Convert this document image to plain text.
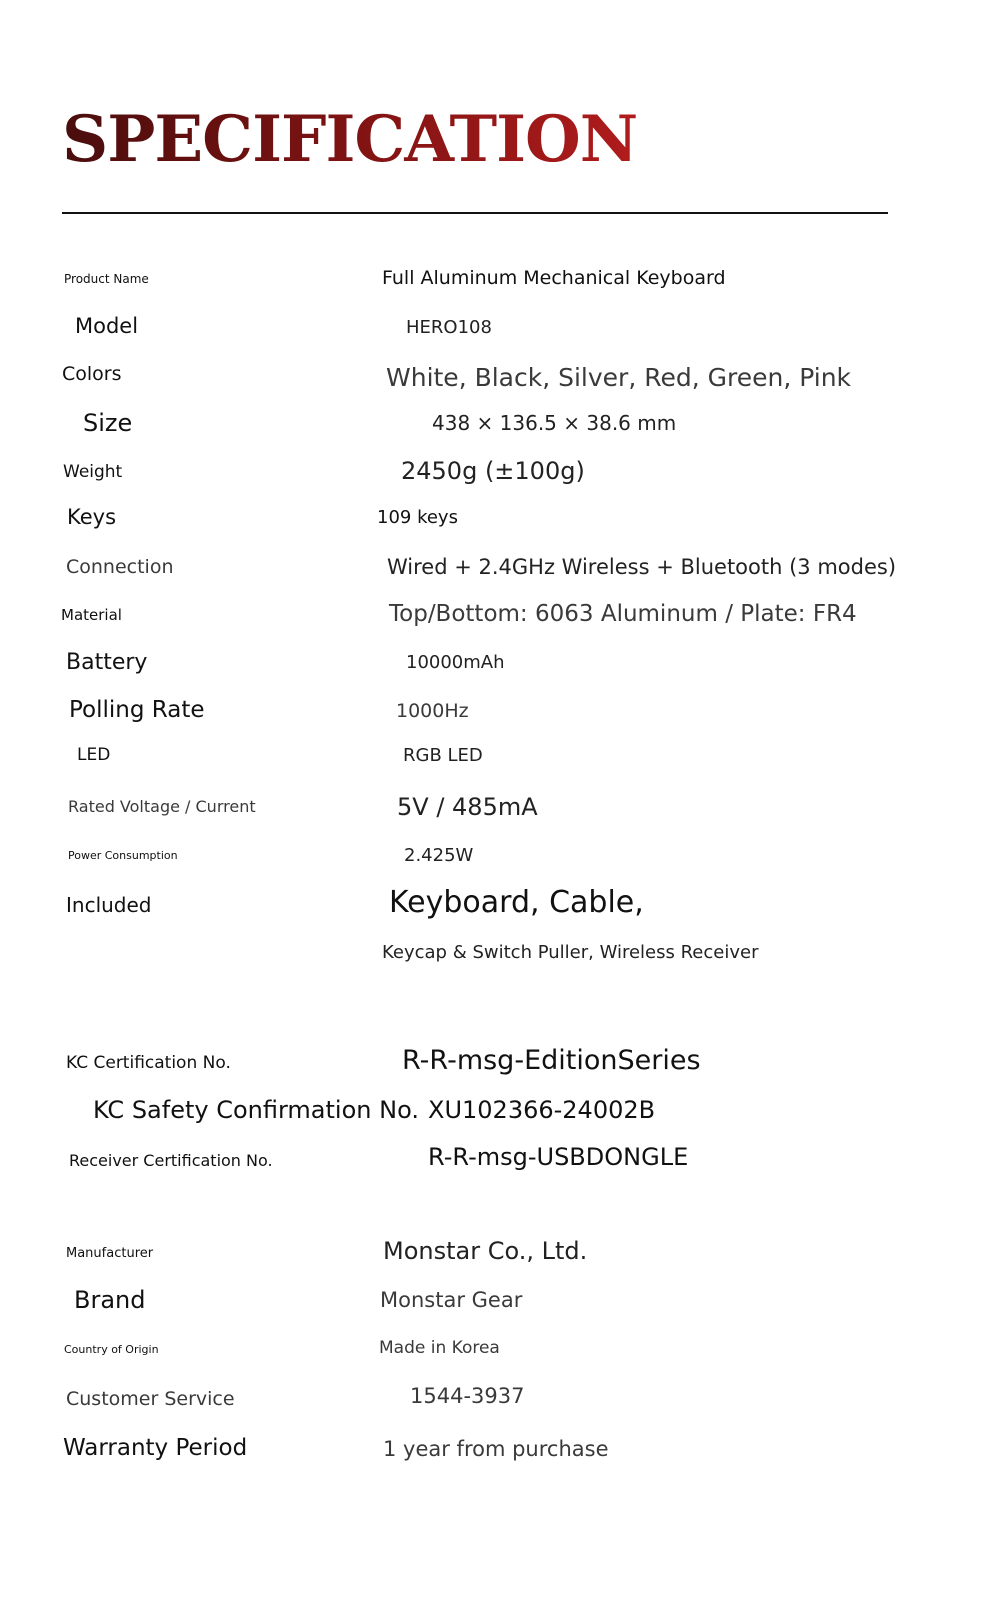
SPECIFICATION
Product Name	Full Aluminum Mechanical Keyboard
Model	HERO108
Colors	White, Black, Silver, Red, Green, Pink
Size	438 × 136.5 × 38.6 mm
Weight	2450g (±100g)
Keys	109 keys
Connection	Wired + 2.4GHz Wireless + Bluetooth (3 modes)
Material	Top/Bottom: 6063 Aluminum / Plate: FR4
Battery	10000mAh
Polling Rate	1000Hz
LED	RGB LED
Rated Voltage / Current	5V / 485mA
Power Consumption	2.425W
Included	Keyboard, Cable,
Keycap & Switch Puller, Wireless Receiver
KC Certification No.	R-R-msg-EditionSeries
KC Safety Confirmation No. XU102366-24002B
Receiver Certification No.	R-R-msg-USBDONGLE
Manufacturer	Monstar Co., Ltd.
Brand	Monstar Gear
Country of Origin	Made in Korea
Customer Service	1544-3937
Warranty Period	1 year from purchase
